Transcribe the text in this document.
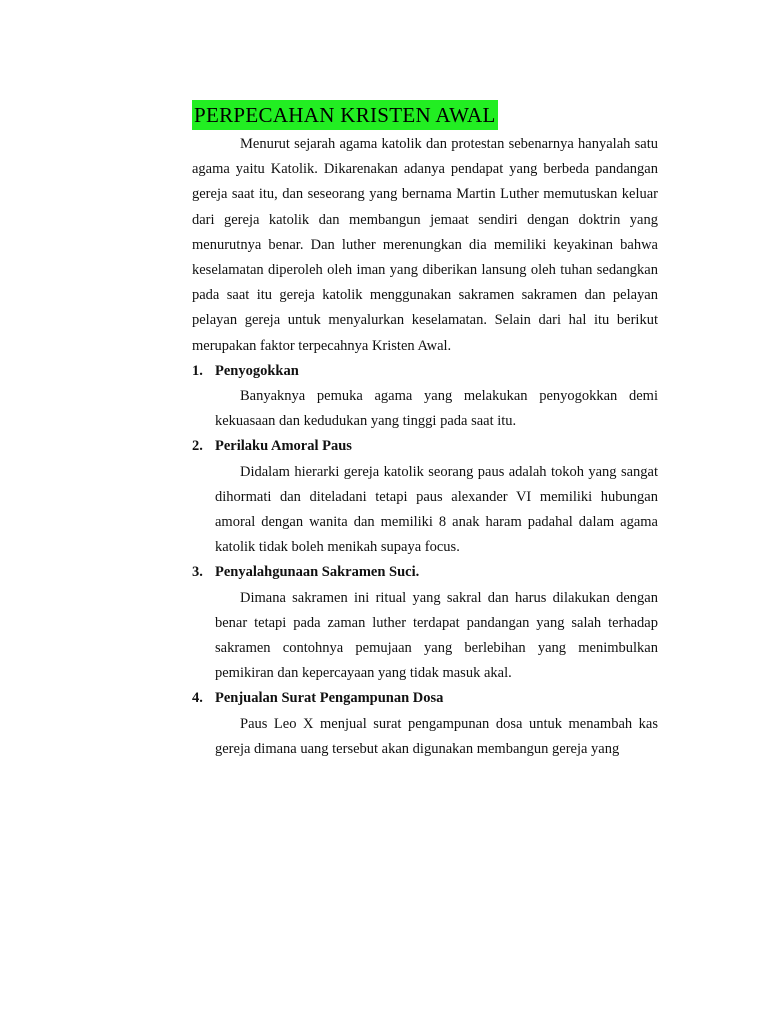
PERPECAHAN KRISTEN AWAL

Menurut sejarah agama katolik dan protestan sebenarnya hanyalah satu agama yaitu Katolik. Dikarenakan adanya pendapat yang berbeda pandangan gereja saat itu, dan seseorang yang bernama Martin Luther memutuskan keluar dari gereja katolik dan membangun jemaat sendiri dengan doktrin yang menurutnya benar. Dan luther merenungkan dia memiliki keyakinan bahwa keselamatan diperoleh oleh iman yang diberikan lansung oleh tuhan sedangkan pada saat itu gereja katolik menggunakan sakramen sakramen dan pelayan pelayan gereja untuk menyalurkan keselamatan. Selain dari hal itu berikut merupakan faktor terpecahnya Kristen Awal.

1. Penyogokkan

Banyaknya pemuka agama yang melakukan penyogokkan demi kekuasaan dan kedudukan yang tinggi pada saat itu.

2. Perilaku Amoral Paus

Didalam hierarki gereja katolik seorang paus adalah tokoh yang sangat dihormati dan diteladani tetapi paus alexander VI memiliki hubungan amoral dengan wanita dan memiliki 8 anak haram padahal dalam agama katolik tidak boleh menikah supaya focus.

3. Penyalahgunaan Sakramen Suci.

Dimana sakramen ini ritual yang sakral dan harus dilakukan dengan benar tetapi pada zaman luther terdapat pandangan yang salah terhadap sakramen contohnya pemujaan yang berlebihan yang menimbulkan pemikiran dan kepercayaan yang tidak masuk akal.

4. Penjualan Surat Pengampunan Dosa

Paus Leo X menjual surat pengampunan dosa untuk menambah kas gereja dimana uang tersebut akan digunakan membangun gereja yang
